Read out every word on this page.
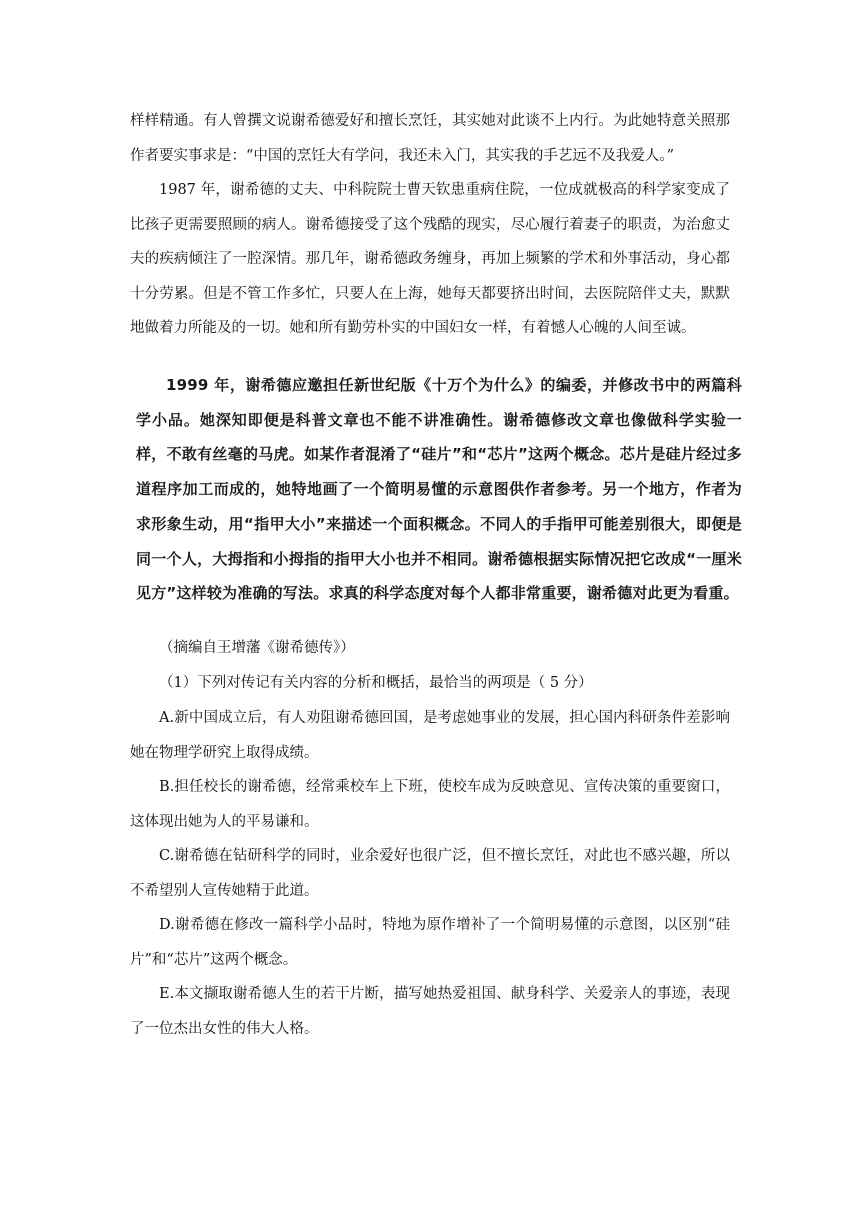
样样精通。有人曾撰文说谢希德爱好和擅长烹饪，其实她对此谈不上内行。为此她特意关照那作者要实事求是：“中国的烹饪大有学问，我还未入门，其实我的手艺远不及我爱人。”

1987 年，谢希德的丈夫、中科院院士曹天钦患重病住院，一位成就极高的科学家变成了比孩子更需要照顾的病人。谢希德接受了这个残酷的现实，尽心履行着妻子的职责，为治愈丈夫的疾病倾注了一腔深情。那几年，谢希德政务缠身，再加上频繁的学术和外事活动，身心都十分劳累。但是不管工作多忙，只要人在上海，她每天都要挤出时间，去医院陪伴丈夫，默默地做着力所能及的一切。她和所有勤劳朴实的中国妇女一样，有着憾人心魄的人间至诚。

1999 年，谢希德应邀担任新世纪版《十万个为什么》的编委，并修改书中的两篇科学小品。她深知即便是科普文章也不能不讲准确性。谢希德修改文章也像做科学实验一样，不敢有丝毫的马虎。如某作者混淆了“硅片”和“芯片”这两个概念。芯片是硅片经过多道程序加工而成的，她特地画了一个简明易懂的示意图供作者参考。另一个地方，作者为求形象生动，用“指甲大小”来描述一个面积概念。不同人的手指甲可能差别很大，即便是同一个人，大拇指和小拇指的指甲大小也并不相同。谢希德根据实际情况把它改成“一厘米见方”这样较为准确的写法。求真的科学态度对每个人都非常重要，谢希德对此更为看重。

（摘编自王增藩《谢希德传》）

（1）下列对传记有关内容的分析和概括，最恰当的两项是（ 5 分）

A.新中国成立后，有人劝阻谢希德回国，是考虑她事业的发展，担心国内科研条件差影响她在物理学研究上取得成绩。

B.担任校长的谢希德，经常乘校车上下班，使校车成为反映意见、宣传决策的重要窗口，这体现出她为人的平易谦和。

C.谢希德在钻研科学的同时，业余爱好也很广泛，但不擅长烹饪，对此也不感兴趣，所以不希望别人宣传她精于此道。

D.谢希德在修改一篇科学小品时，特地为原作增补了一个简明易懂的示意图，以区别“硅片”和“芯片”这两个概念。

E.本文撷取谢希德人生的若干片断，描写她热爱祖国、献身科学、关爱亲人的事迹，表现了一位杰出女性的伟大人格。
